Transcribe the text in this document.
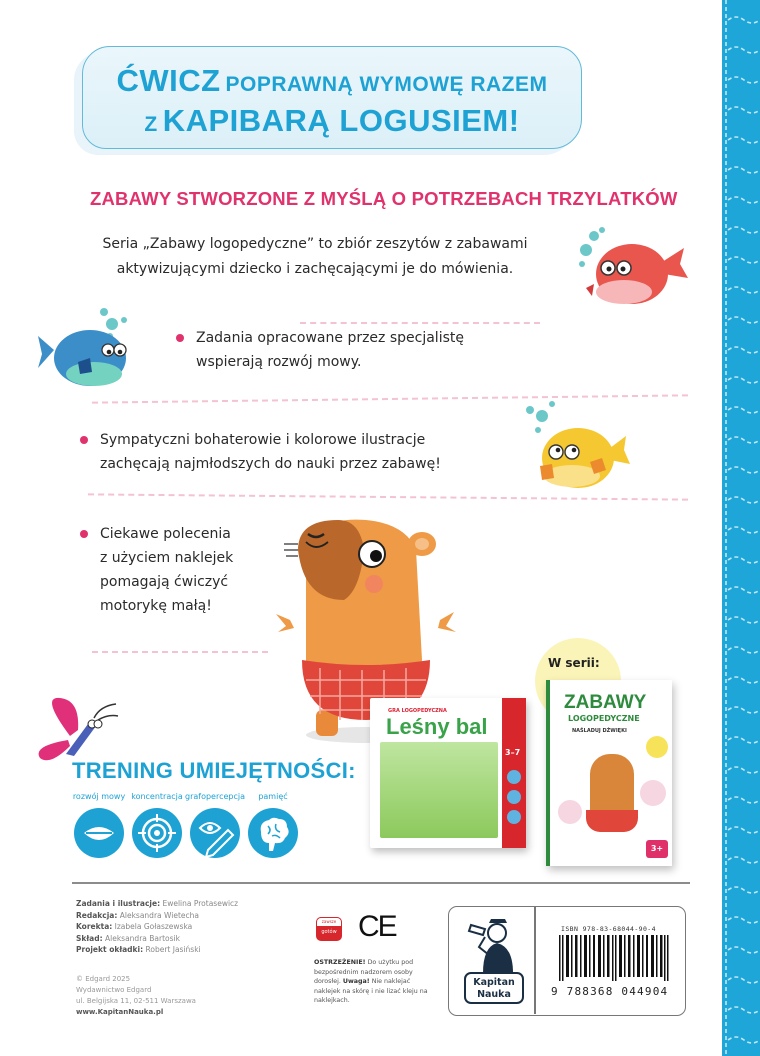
ĆWICZ POPRAWNĄ WYMOWĘ RAZEM
Z KAPIBARĄ LOGUSIEM!
ZABAWY STWORZONE Z MYŚLĄ O POTRZEBACH TRZYLATKÓW
Seria „Zabawy logopedyczne” to zbiór zeszytów z zabawami
aktywizującymi dziecko i zachęcającymi je do mówienia.
Zadania opracowane przez specjalistę
wspierają rozwój mowy.
Sympatyczni bohaterowie i kolorowe ilustracje
zachęcają najmłodszych do nauki przez zabawę!
Ciekawe polecenia
z użyciem naklejek
pomagają ćwiczyć
motorykę małą!
TRENING UMIEJĘTNOŚCI:
rozwój mowy koncentracja grafopercepcja	pamięć
W serii:
GRA LOGOPEDYCZNA
Leśny bal
3–7
ZABAWY
LOGOPEDYCZNE
NAŚLADUJ DŹWIĘKI
3+
Zadania i ilustracje: Ewelina Protasewicz
Redakcja: Aleksandra Wietecha
Korekta: Izabela Gołaszewska
Skład: Aleksandra Bartosik
Projekt okładki: Robert Jasiński
© Edgard 2025
Wydawnictwo Edgard
ul. Belgijska 11, 02-511 Warszawa
www.KapitanNauka.pl
zawsze
gotów CE
OSTRZEŻENIE! Do użytku pod bezpośrednim nadzorem osoby dorosłej. Uwaga! Nie naklejać naklejek na skórę i nie lizać kleju na naklejkach.
Kapitan
Nauka
ISBN 978-83-68044-90-4
9 788368 044904
